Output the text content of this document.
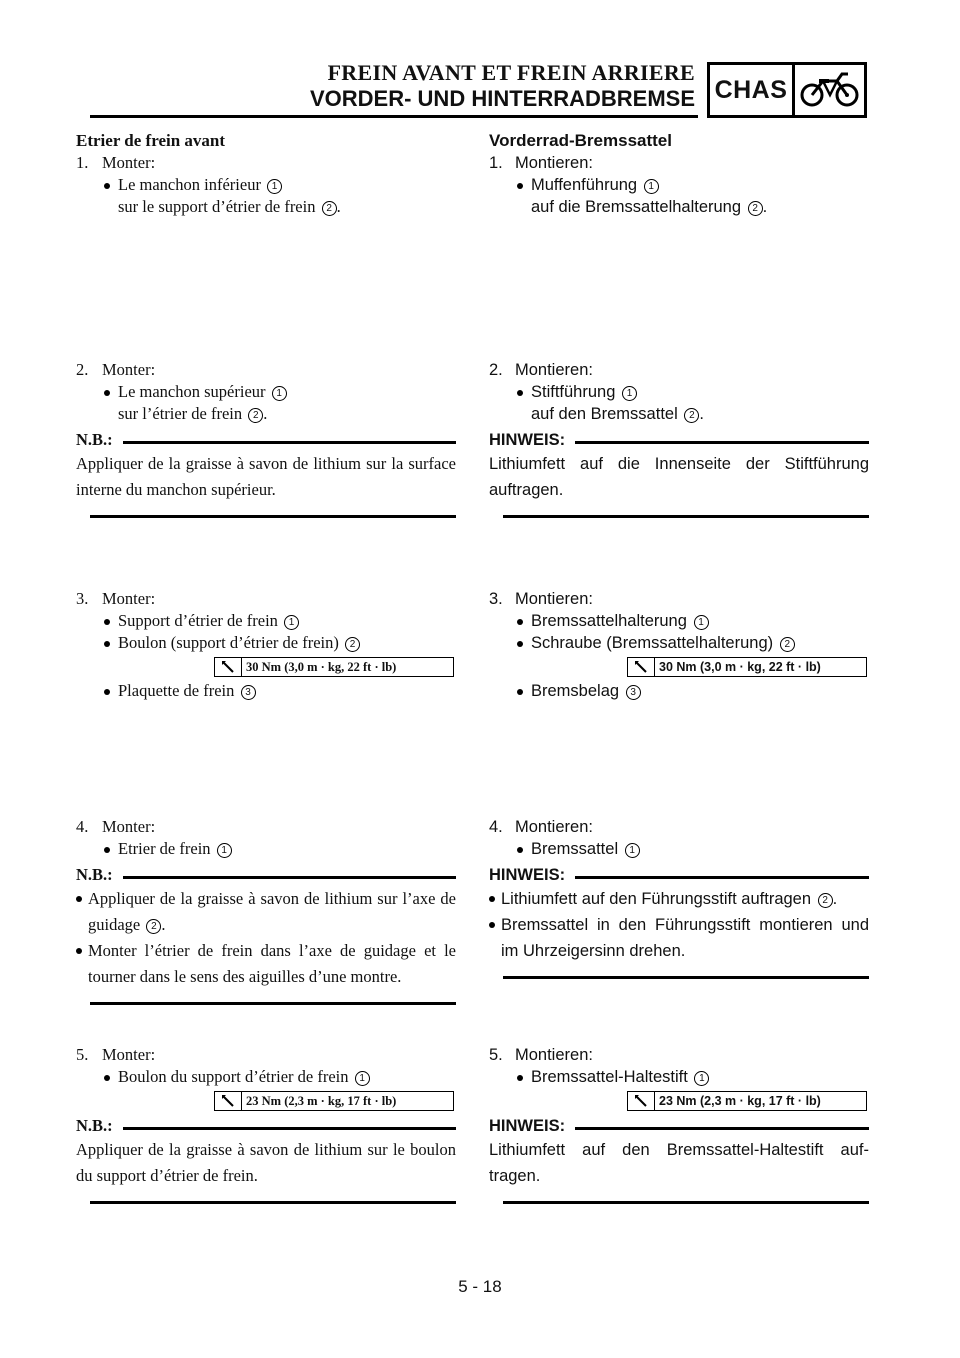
FREIN AVANT ET FREIN ARRIERE
VORDER- UND HINTERRADBREMSE CHAS
Etrier de frein avant
1. Monter:
Le manchon inférieur 1
sur le support d’étrier de frein 2 .
2. Monter:
Le manchon supérieur 1
sur l’étrier de frein 2 .
N.B.:
Appliquer de la graisse à savon de lithium sur la surface interne du manchon supérieur.
3. Monter:
Support d’étrier de frein 1
Boulon (support d’étrier de frein) 2
30 Nm (3,0 m · kg, 22 ft · lb)
Plaquette de frein 3
4. Monter:
Etrier de frein 1
N.B.:
Appliquer de la graisse à savon de lithium sur l’axe de guidage 2 .
Monter l’étrier de frein dans l’axe de guidage et le tourner dans le sens des aiguilles d’une montre.
5. Monter:
Boulon du support d’étrier de frein 1
23 Nm (2,3 m · kg, 17 ft · lb)
N.B.:
Appliquer de la graisse à savon de lithium sur le boulon du support d’étrier de frein.
Vorderrad-Bremssattel
1. Montieren:
Muffenführung 1
auf die Bremssattelhalterung 2 .
2. Montieren:
Stiftführung 1
auf den Bremssattel 2 .
HINWEIS:
Lithiumfett auf die Innenseite der Stiftführung auftragen.
3. Montieren:
Bremssattelhalterung 1
Schraube (Bremssattelhalterung) 2
30 Nm (3,0 m · kg, 22 ft · lb)
Bremsbelag 3
4. Montieren:
Bremssattel 1
HINWEIS:
Lithiumfett auf den Führungsstift auftragen 2 .
Bremssattel in den Führungsstift montieren und im Uhrzeigersinn drehen.
5. Montieren:
Bremssattel-Haltestift 1
23 Nm (2,3 m · kg, 17 ft · lb)
HINWEIS:
Lithiumfett auf den Bremssattel-Haltestift auf-tragen.
5 - 18
